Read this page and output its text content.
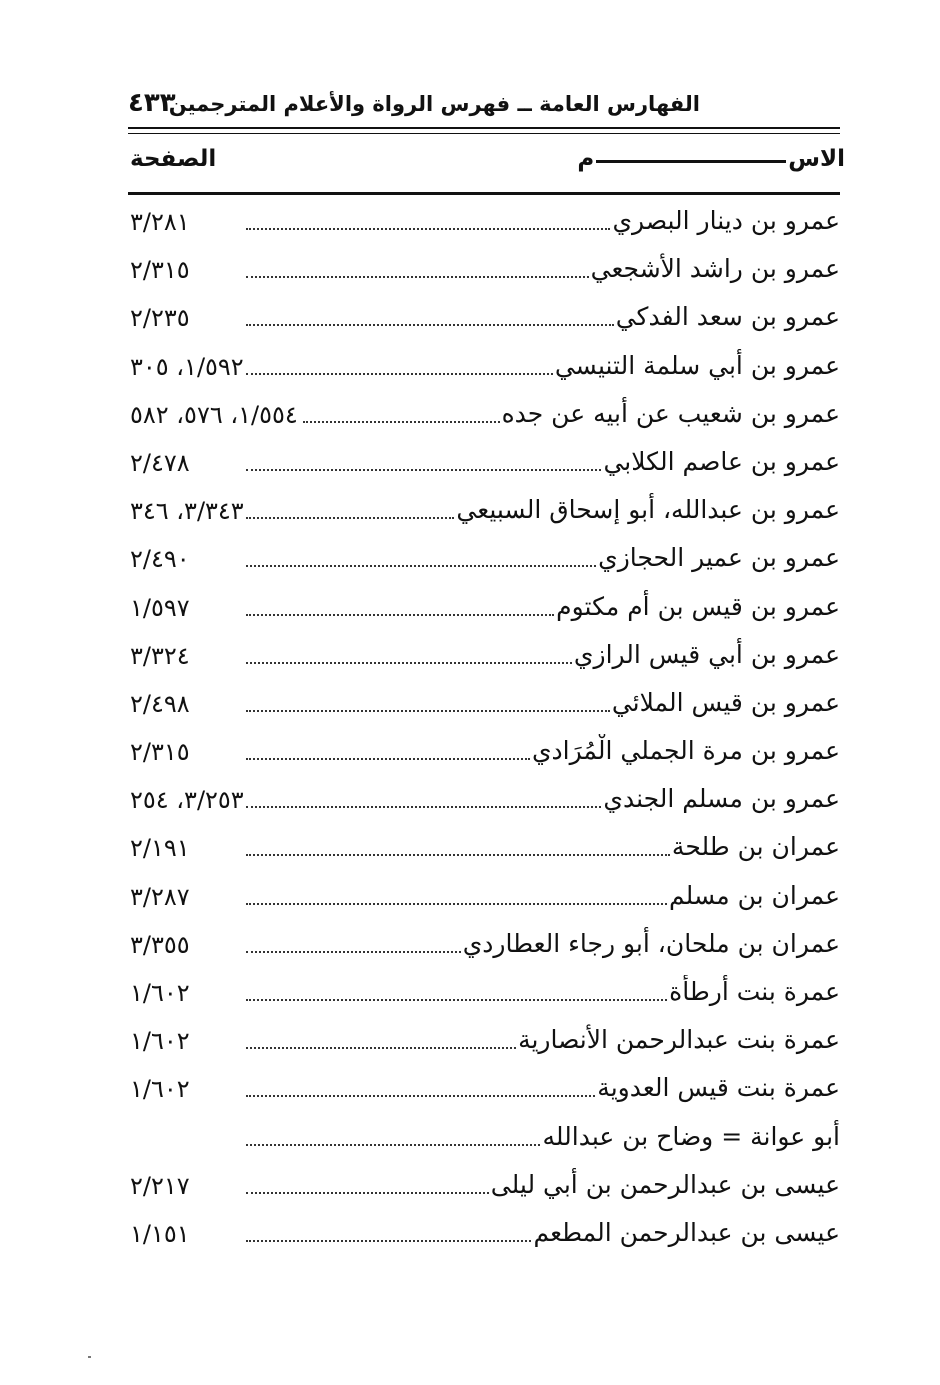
الفهارس العامة ــ فهرس الرواة والأعلام المترجمين
٤٣٣
الا
س
م
الصفحة
عمرو بن دينار البصري
٣/٢٨١
عمرو بن راشد الأشجعي
٢/٣١٥
عمرو بن سعد الفدكي
٢/٢٣٥
عمرو بن أبي سلمة التنيسي
١/٥٩٢، ٣٠٥
عمرو بن شعيب عن أبيه عن جده
١/٥٥٤، ٥٧٦، ٥٨٢
عمرو بن عاصم الكلابي
٢/٤٧٨
عمرو بن عبدالله، أبو إسحاق السبيعي
٣/٣٤٣، ٣٤٦
عمرو بن عمير الحجازي
٢/٤٩٠
عمرو بن قيس بن أم مكتوم
١/٥٩٧
عمرو بن أبي قيس الرازي
٣/٣٢٤
عمرو بن قيس الملائي
٢/٤٩٨
عمرو بن مرة الجملي الْمُرَادي
٢/٣١٥
عمرو بن مسلم الجندي
٣/٢٥٣، ٢٥٤
عمران بن طلحة
٢/١٩١
عمران بن مسلم
٣/٢٨٧
عمران بن ملحان، أبو رجاء العطاردي
٣/٣٥٥
عمرة بنت أرطأة
١/٦٠٢
عمرة بنت عبدالرحمن الأنصارية
١/٦٠٢
عمرة بنت قيس العدوية
١/٦٠٢
أبو عوانة = وضاح بن عبدالله
عيسى بن عبدالرحمن بن أبي ليلى
٢/٢١٧
عيسى بن عبدالرحمن المطعم
١/١٥١
